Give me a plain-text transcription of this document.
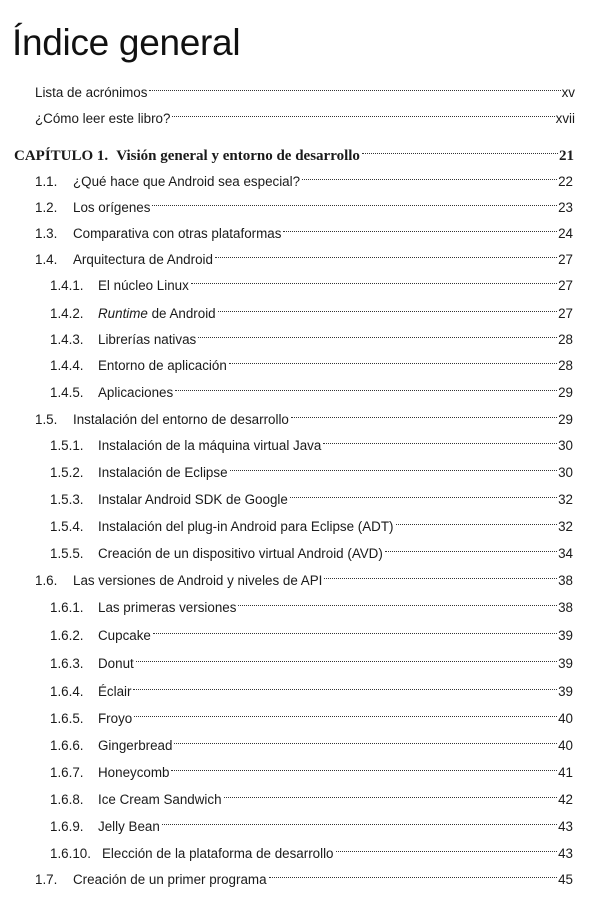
Índice general
Lista de acrónimos	xv
¿Cómo leer este libro?	xvii
CAPÍTULO 1. Visión general y entorno de desarrollo	21
1.1.	¿Qué hace que Android sea especial?	22
1.2.	Los orígenes	23
1.3.	Comparativa con otras plataformas	24
1.4.	Arquitectura de Android	27
1.4.1.	El núcleo Linux	27
1.4.2.	Runtime de Android	27
1.4.3.	Librerías nativas	28
1.4.4.	Entorno de aplicación	28
1.4.5.	Aplicaciones	29
1.5.	Instalación del entorno de desarrollo	29
1.5.1.	Instalación de la máquina virtual Java	30
1.5.2.	Instalación de Eclipse	30
1.5.3.	Instalar Android SDK de Google	32
1.5.4.	Instalación del plug-in Android para Eclipse (ADT)	32
1.5.5.	Creación de un dispositivo virtual Android (AVD)	34
1.6.	Las versiones de Android y niveles de API	38
1.6.1.	Las primeras versiones	38
1.6.2.	Cupcake	39
1.6.3.	Donut	39
1.6.4.	Éclair	39
1.6.5.	Froyo	40
1.6.6.	Gingerbread	40
1.6.7.	Honeycomb	41
1.6.8.	Ice Cream Sandwich	42
1.6.9.	Jelly Bean	43
1.6.10. Elección de la plataforma de desarrollo	43
1.7.	Creación de un primer programa	45
